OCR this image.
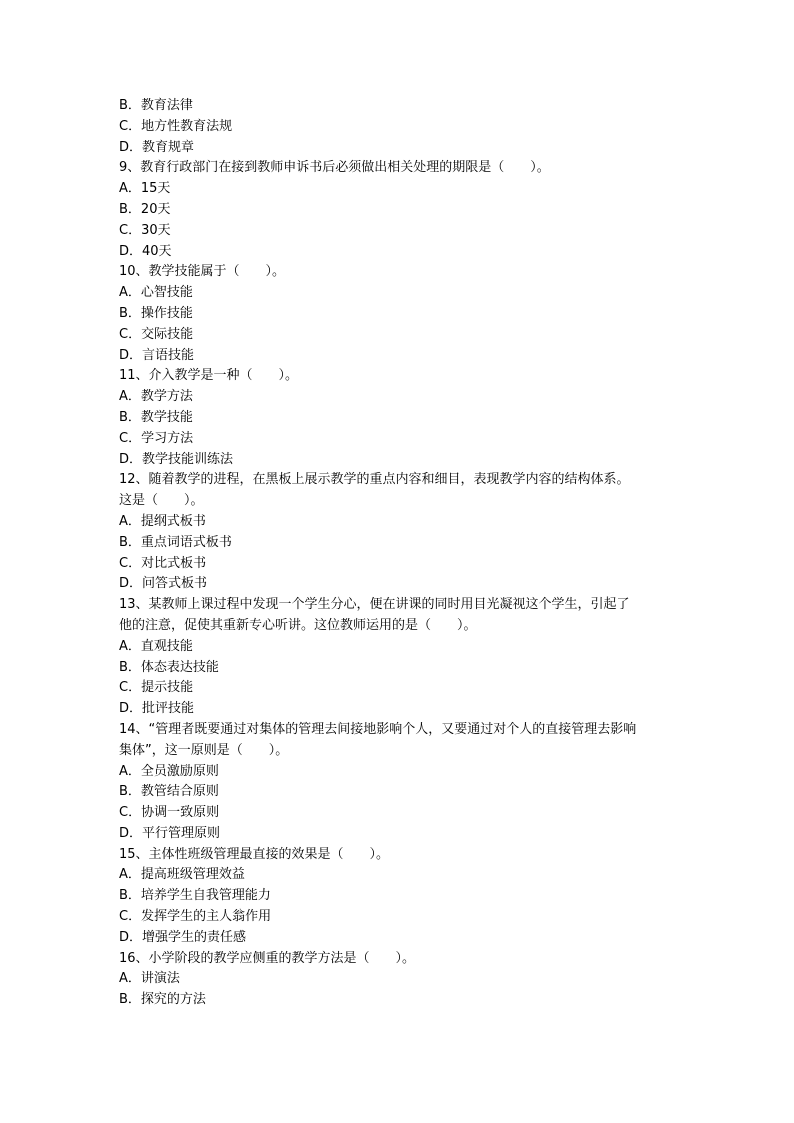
B．教育法律
C．地方性教育法规
D．教育规章
9、教育行政部门在接到教师申诉书后必须做出相关处理的期限是（　　）。
A．15天
B．20天
C．30天
D．40天
10、教学技能属于（　　）。
A．心智技能
B．操作技能
C．交际技能
D．言语技能
11、介入教学是一种（　　）。
A．教学方法
B．教学技能
C．学习方法
D．教学技能训练法
12、随着教学的进程，在黑板上展示教学的重点内容和细目，表现教学内容的结构体系。
这是（　　）。
A．提纲式板书
B．重点词语式板书
C．对比式板书
D．问答式板书
13、某教师上课过程中发现一个学生分心，便在讲课的同时用目光凝视这个学生，引起了
他的注意，促使其重新专心听讲。这位教师运用的是（　　）。
A．直观技能
B．体态表达技能
C．提示技能
D．批评技能
14、“管理者既要通过对集体的管理去间接地影响个人，又要通过对个人的直接管理去影响
集体”，这一原则是（　　）。
A．全员激励原则
B．教管结合原则
C．协调一致原则
D．平行管理原则
15、主体性班级管理最直接的效果是（　　）。
A．提高班级管理效益
B．培养学生自我管理能力
C．发挥学生的主人翁作用
D．增强学生的责任感
16、小学阶段的教学应侧重的教学方法是（　　）。
A．讲演法
B．探究的方法
